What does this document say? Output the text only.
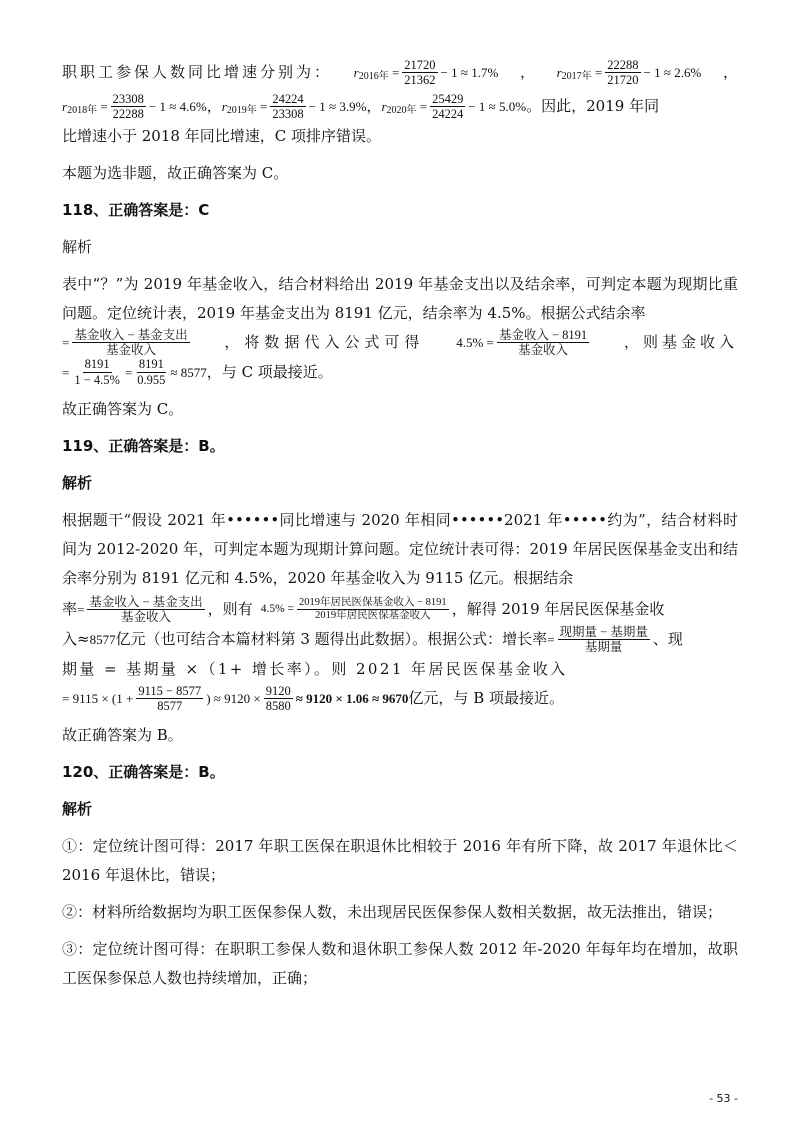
职职工参保人数同比增速分别为： r 2016年 = $\frac{21720}{21362} - 1 \approx 1.7\%$ ， r 2017年 = $\frac{22288}{21720} - 1 \approx 2.6\%$ ，
r 2018年 = $\frac{23308}{22288} - 1 \approx 4.6\%$ ， r 2019年 = $\frac{24224}{23308} - 1 \approx 3.9\%$ ， r 2020年 = $\frac{25429}{24224} - 1 \approx 5.0\%$ 。因此，2019 年同

比增速小于 2018 年同比增速，C 项排序错误。

本题为选非题，故正确答案为 C。

118、正确答案是：C
解析

表中“？”为 2019 年基金收入，结合材料给出 2019 年基金支出以及结余率，可判定本题为现期比重问题。定位统计表，2019 年基金支出为 8191 亿元，结余率为 4.5%。根据公式结余率

= $\frac{\text{基金收入 − 基金支出}}{\text{基金收入}}$ ，将数据代入公式可得 $4.5\% = \frac{\text{基金收入 − 8191}}{\text{基金收入}}$ ，则基金收入
= $\frac{8191}{1 - 4.5\%} = \frac{8191}{0.955} \approx 8577$ ，与 C 项最接近。

故正确答案为 C。

119、正确答案是：B。
解析

根据题干“假设 2021 年••••••同比增速与 2020 年相同••••••2021 年•••••约为”，结合材料时间为 2012-2020 年，可判定本题为现期计算问题。定位统计表可得：2019 年居民医保基金支出和结余率分别为 8191 亿元和 4.5%，2020 年基金收入为 9115 亿元。根据结余

率 = $\frac{\text{基金收入 − 基金支出}}{\text{基金收入}}$ ，则有 $4.5\% = \frac{\text{2019年居民医保基金收入 − 8191}}{\text{2019年居民医保基金收入}}$ ，解得 2019 年居民医保基金收
入≈ 8577 亿元（也可结合本篇材料第 3 题得出此数据）。根据公式：增长率 = $\frac{\text{现期量 − 基期量}}{\text{基期量}}$ 、现

期量 = 基期量 ×（1+ 增长率）。则 2021 年居民医保基金收入

= $9115 \times (1 + \frac{9115 - 8577}{8577}$ ) ≈ $9120 \times \frac{9120}{8580} \approx 9120 \times 1.06 \approx 9670$ 亿元，与 B 项最接近。

故正确答案为 B。

120、正确答案是：B。
解析

①：定位统计图可得：2017 年职工医保在职退休比相较于 2016 年有所下降，故 2017 年退休比＜2016 年退休比，错误；

②：材料所给数据均为职工医保参保人数，未出现居民医保参保人数相关数据，故无法推出，错误；

③：定位统计图可得：在职职工参保人数和退休职工参保人数 2012 年-2020 年每年均在增加，故职工医保参保总人数也持续增加，正确；

- 53 -
